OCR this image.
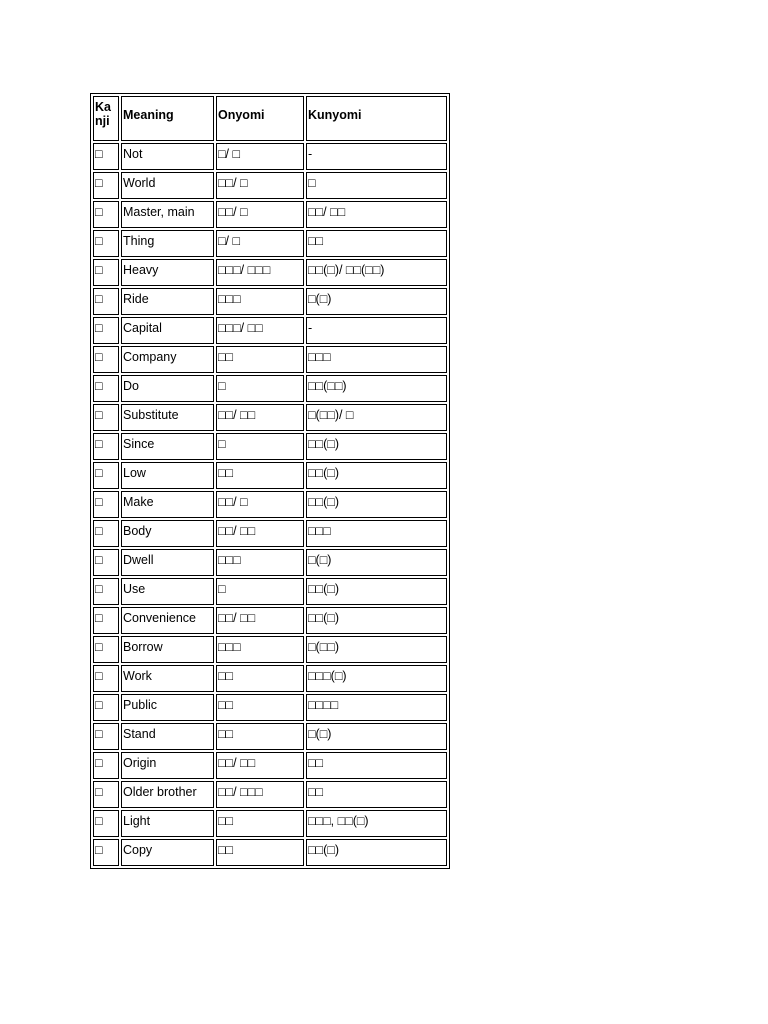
Kanji	Meaning	Onyomi	Kunyomi
□	Not	□/ □	-
□	World	□□/ □	□
□	Master, main	□□/ □	□□/ □□
□	Thing	□/ □	□□
□	Heavy	□□□/ □□□	□□(□)/ □□(□□)
□	Ride	□□□	□(□)
□	Capital	□□□/ □□	-
□	Company	□□	□□□
□	Do	□	□□(□□)
□	Substitute	□□/ □□	□(□□)/ □
□	Since	□	□□(□)
□	Low	□□	□□(□)
□	Make	□□/ □	□□(□)
□	Body	□□/ □□	□□□
□	Dwell	□□□	□(□)
□	Use	□	□□(□)
□	Convenience	□□/ □□	□□(□)
□	Borrow	□□□	□(□□)
□	Work	□□	□□□(□)
□	Public	□□	□□□□
□	Stand	□□	□(□)
□	Origin	□□/ □□	□□
□	Older brother	□□/ □□□	□□
□	Light	□□	□□□, □□(□)
□	Copy	□□	□□(□)
